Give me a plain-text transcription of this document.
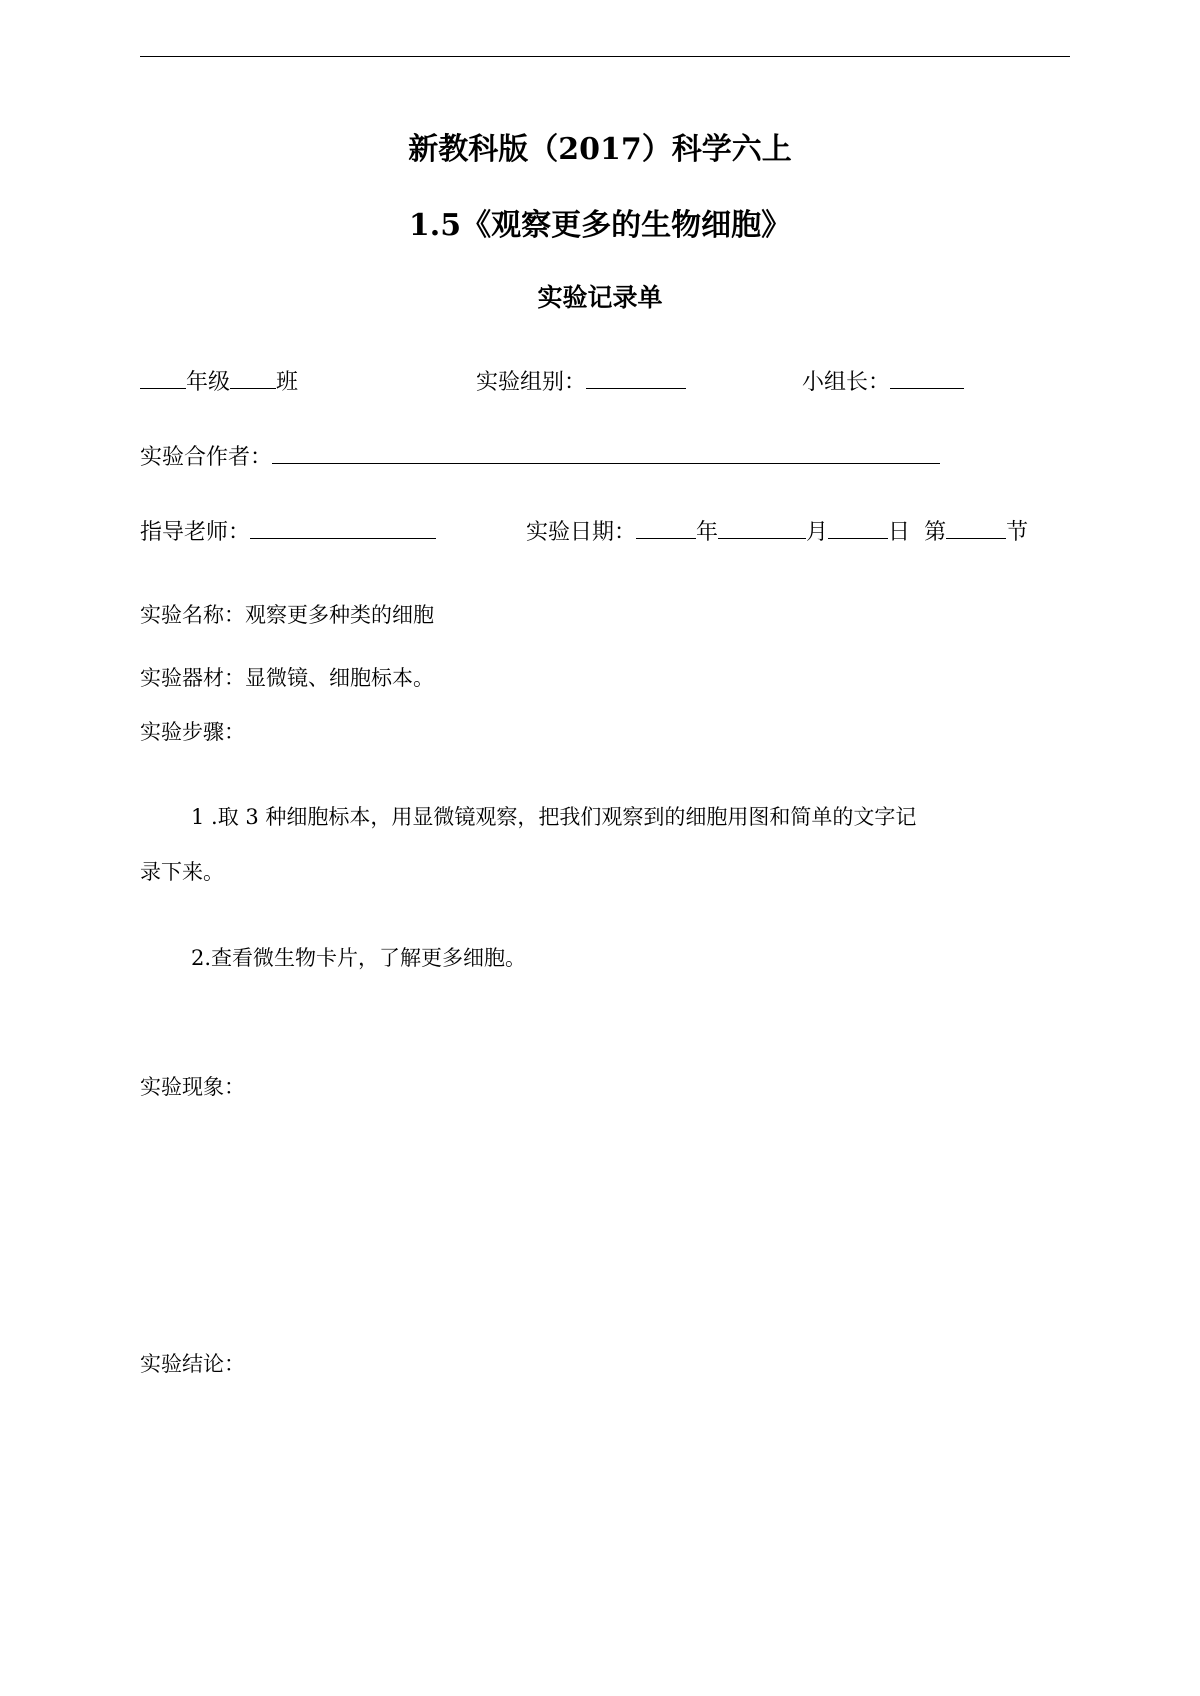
新教科版（2017）科学六上
1.5《观察更多的生物细胞》
实验记录单
年级 班	实验组别：	小组长：
实验合作者：
指导老师：	实验日期：	年	月	日 第	节
实验名称：观察更多种类的细胞
实验器材：显微镜、细胞标本。
实验步骤：
1 .取 3 种细胞标本，用显微镜观察，把我们观察到的细胞用图和简单的文字记
录下来。
2.查看微生物卡片，了解更多细胞。
实验现象：
实验结论：
